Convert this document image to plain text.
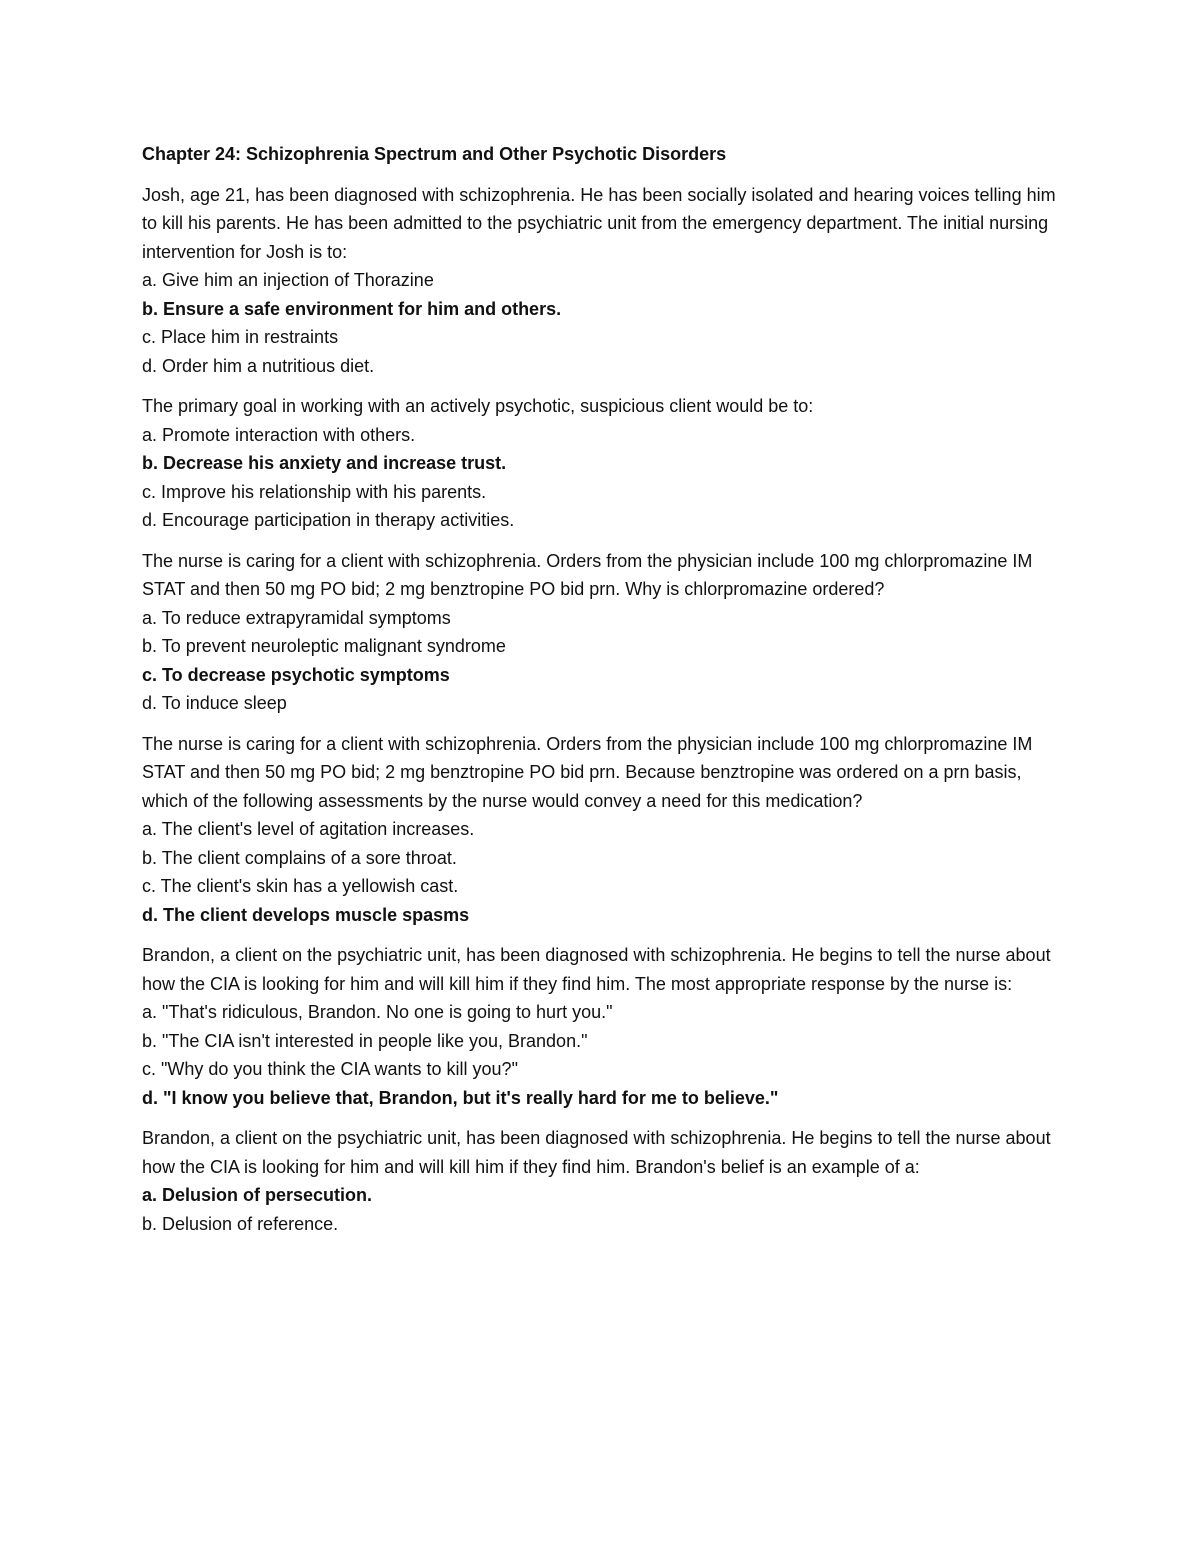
Chapter 24: Schizophrenia Spectrum and Other Psychotic Disorders

Josh, age 21, has been diagnosed with schizophrenia. He has been socially isolated and hearing voices telling him to kill his parents. He has been admitted to the psychiatric unit from the emergency department. The initial nursing intervention for Josh is to:

a. Give him an injection of Thorazine
b. Ensure a safe environment for him and others.
c. Place him in restraints
d. Order him a nutritious diet.

The primary goal in working with an actively psychotic, suspicious client would be to:

a. Promote interaction with others.
b. Decrease his anxiety and increase trust.
c. Improve his relationship with his parents.
d. Encourage participation in therapy activities.

The nurse is caring for a client with schizophrenia. Orders from the physician include 100 mg chlorpromazine IM STAT and then 50 mg PO bid; 2 mg benztropine PO bid prn. Why is chlorpromazine ordered?

a. To reduce extrapyramidal symptoms
b. To prevent neuroleptic malignant syndrome
c. To decrease psychotic symptoms
d. To induce sleep

The nurse is caring for a client with schizophrenia. Orders from the physician include 100 mg chlorpromazine IM STAT and then 50 mg PO bid; 2 mg benztropine PO bid prn. Because benztropine was ordered on a prn basis, which of the following assessments by the nurse would convey a need for this medication?

a. The client's level of agitation increases.
b. The client complains of a sore throat.
c. The client's skin has a yellowish cast.
d. The client develops muscle spasms

Brandon, a client on the psychiatric unit, has been diagnosed with schizophrenia. He begins to tell the nurse about how the CIA is looking for him and will kill him if they find him. The most appropriate response by the nurse is:

a. "That's ridiculous, Brandon. No one is going to hurt you."
b. "The CIA isn't interested in people like you, Brandon."
c. "Why do you think the CIA wants to kill you?"
d. "I know you believe that, Brandon, but it's really hard for me to believe."

Brandon, a client on the psychiatric unit, has been diagnosed with schizophrenia. He begins to tell the nurse about how the CIA is looking for him and will kill him if they find him. Brandon's belief is an example of a:

a. Delusion of persecution.
b. Delusion of reference.
